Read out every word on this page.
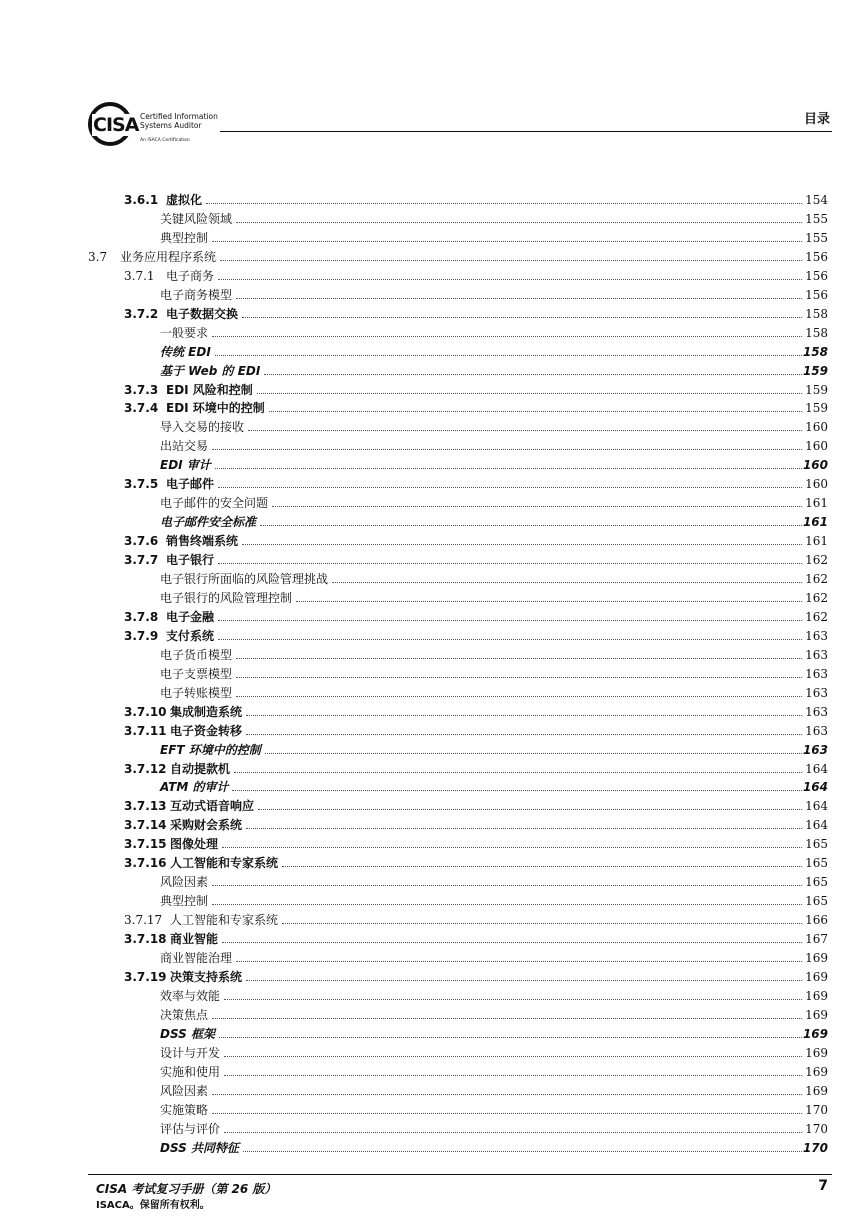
CISA Certified Information
Systems Auditor
An ISACA Certification
目录
3.6.1 虚拟化	154
关键风险领域	155
典型控制	155
3.7 业务应用程序系统	156
3.7.1 电子商务	156
电子商务模型	156
3.7.2 电子数据交换	158
一般要求	158
传统 EDI	158
基于 Web 的 EDI	159
3.7.3 EDI 风险和控制	159
3.7.4 EDI 环境中的控制	159
导入交易的接收	160
出站交易	160
EDI 审计	160
3.7.5 电子邮件	160
电子邮件的安全问题	161
电子邮件安全标准	161
3.7.6 销售终端系统	161
3.7.7 电子银行	162
电子银行所面临的风险管理挑战	162
电子银行的风险管理控制	162
3.7.8 电子金融	162
3.7.9 支付系统	163
电子货币模型	163
电子支票模型	163
电子转账模型	163
3.7.10 集成制造系统	163
3.7.11 电子资金转移	163
EFT 环境中的控制	163
3.7.12 自动提款机	164
ATM 的审计	164
3.7.13 互动式语音响应	164
3.7.14 采购财会系统	164
3.7.15 图像处理	165
3.7.16 人工智能和专家系统	165
风险因素	165
典型控制	165
3.7.17 人工智能和专家系统	166
3.7.18 商业智能	167
商业智能治理	169
3.7.19 决策支持系统	169
效率与效能	169
决策焦点	169
DSS 框架	169
设计与开发	169
实施和使用	169
风险因素	169
实施策略	170
评估与评价	170
DSS 共同特征	170
CISA 考试复习手册（第 26 版）
ISACA。保留所有权利。
7
